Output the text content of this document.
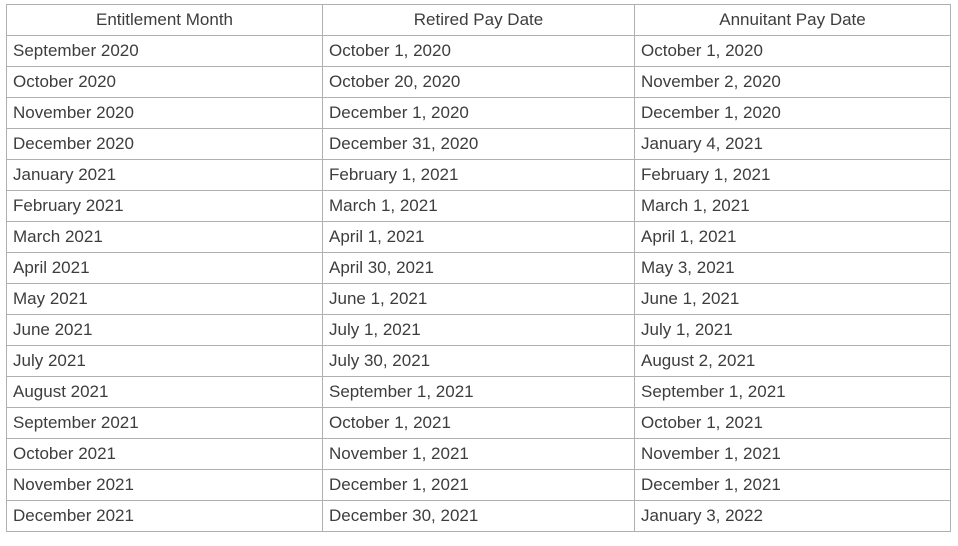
Entitlement Month	Retired Pay Date	Annuitant Pay Date
September 2020	October 1, 2020	October 1, 2020
October 2020	October 20, 2020	November 2, 2020
November 2020	December 1, 2020	December 1, 2020
December 2020	December 31, 2020	January 4, 2021
January 2021	February 1, 2021	February 1, 2021
February 2021	March 1, 2021	March 1, 2021
March 2021	April 1, 2021	April 1, 2021
April 2021	April 30, 2021	May 3, 2021
May 2021	June 1, 2021	June 1, 2021
June 2021	July 1, 2021	July 1, 2021
July 2021	July 30, 2021	August 2, 2021
August 2021	September 1, 2021	September 1, 2021
September 2021	October 1, 2021	October 1, 2021
October 2021	November 1, 2021	November 1, 2021
November 2021	December 1, 2021	December 1, 2021
December 2021	December 30, 2021	January 3, 2022
